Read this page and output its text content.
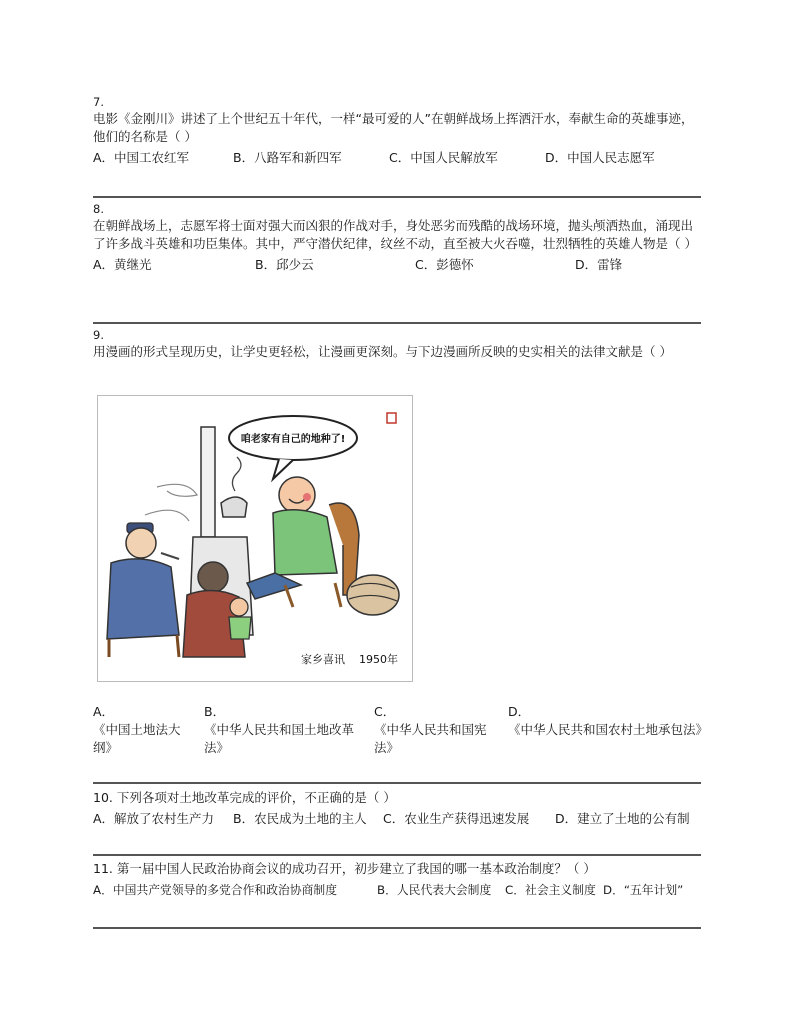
7.
电影《金刚川》讲述了上个世纪五十年代，一样“最可爱的人”在朝鲜战场上挥洒汗水，奉献生命的英雄事迹，他们的名称是（ ）
A．中国工农红军	B．八路军和新四军	C．中国人民解放军	D．中国人民志愿军
8.
在朝鲜战场上，志愿军将士面对强大而凶狠的作战对手，身处恶劣而残酷的战场环境，抛头颅洒热血，涌现出了许多战斗英雄和功臣集体。其中，严守潜伏纪律，纹丝不动，直至被大火吞噬，壮烈牺牲的英雄人物是（ ）
A．黄继光	B．邱少云	C．彭德怀	D．雷锋
9.
用漫画的形式呈现历史，让学史更轻松，让漫画更深刻。与下边漫画所反映的史实相关的法律文献是（ ）
咱老家有自己的地种了!
家乡喜讯 1950年
A．
《中国土地法大纲》
B．
《中华人民共和国土地改革法》
C．
《中华人民共和国宪法》
D．
《中华人民共和国农村土地承包法》
10. 下列各项对土地改革完成的评价，不正确的是（ ）
A．解放了农村生产力 B．农民成为土地的主人 C．农业生产获得迅速发展 D．建立了土地的公有制
11. 第一届中国人民政治协商会议的成功召开，初步建立了我国的哪一基本政治制度？（ ）
A．中国共产党领导的多党合作和政治协商制度	B．人民代表大会制度 C．社会主义制度 D．“五年计划”
